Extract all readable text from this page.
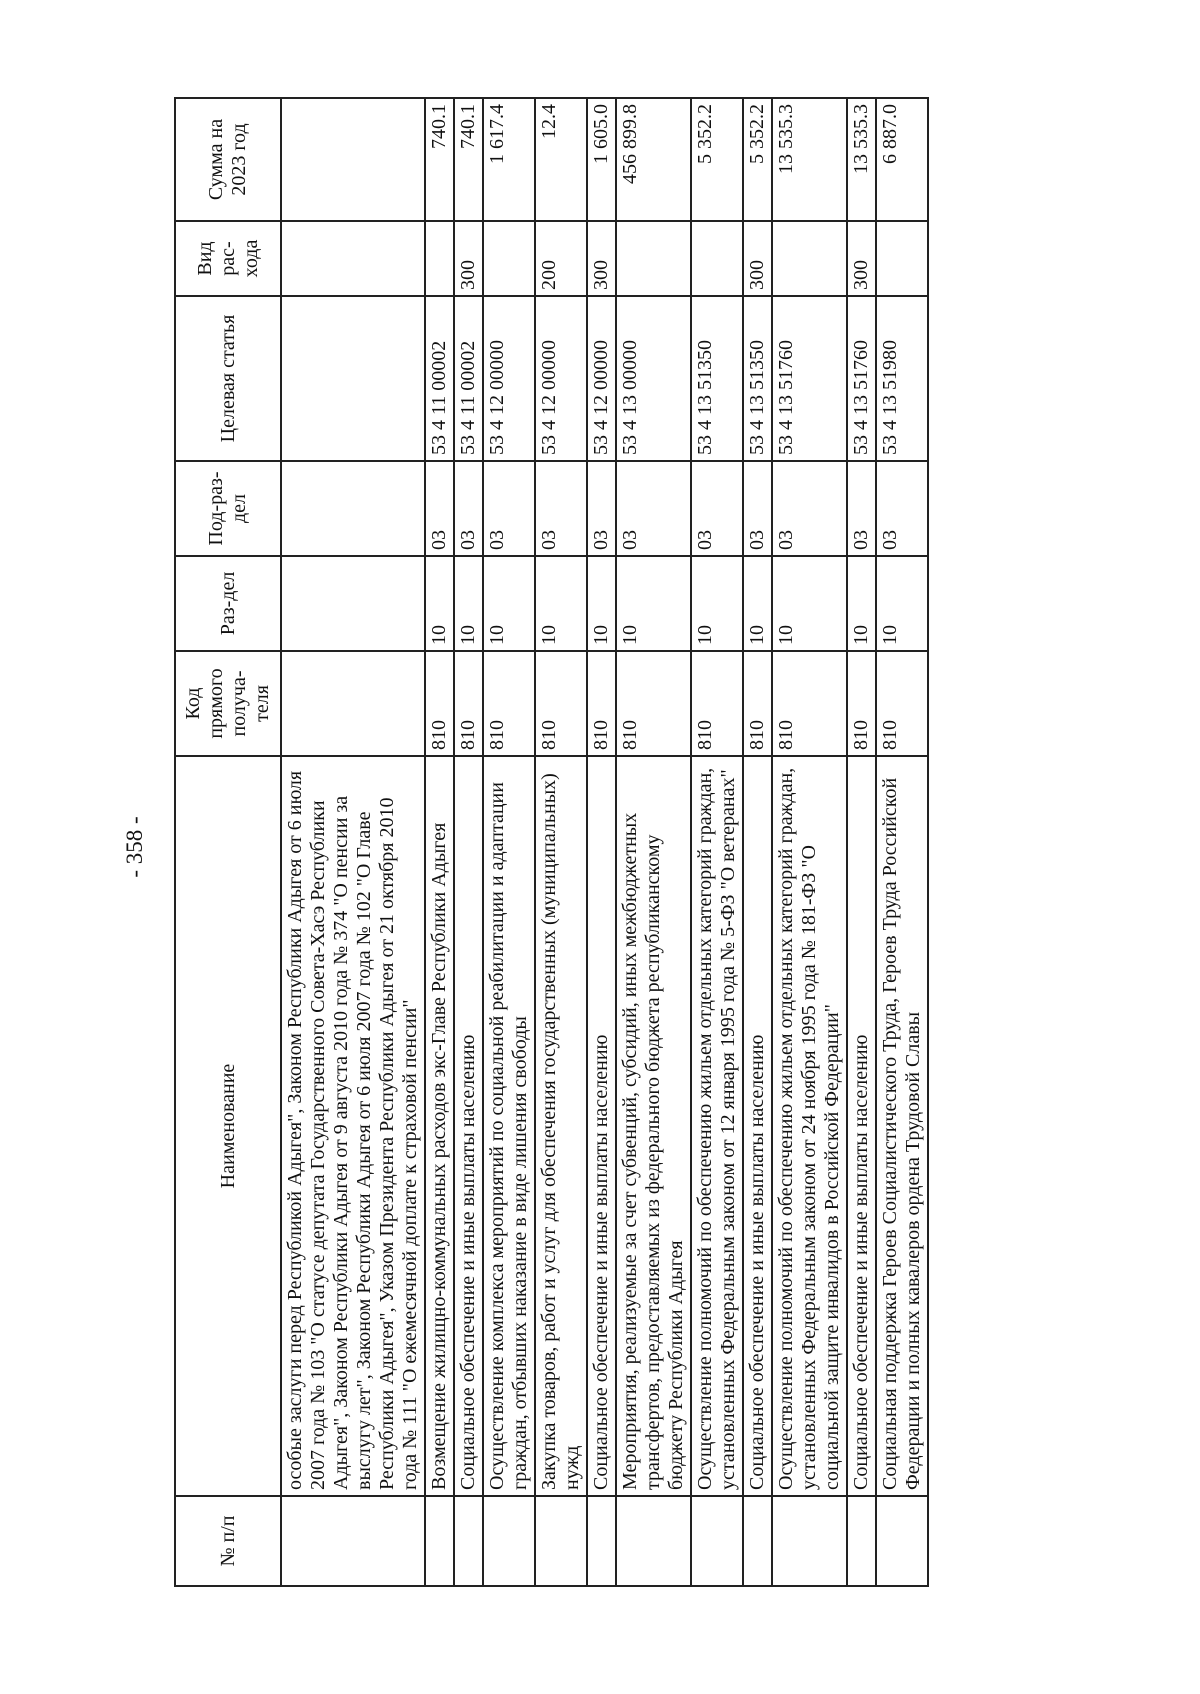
- 358 -
№ п/п	Наименование	Код прямого получа-теля	Раз-дел	Под-раз-дел	Целевая статья	Вид рас-хода	Сумма на 2023 год
	особые заслуги перед Республикой Адыгея", Законом Республики Адыгея от 6 июля 2007 года № 103 "О статусе депутата Государственного Совета-Хасэ Республики Адыгея", Законом Республики Адыгея от 9 августа 2010 года № 374 "О пенсии за выслугу лет", Законом Республики Адыгея от 6 июля 2007 года № 102 "О Главе Республики Адыгея", Указом Президента Республики Адыгея от 21 октября 2010 года № 111 "О ежемесячной доплате к страховой пенсии"						
	Возмещение жилищно-коммунальных расходов экс-Главе Республики Адыгея	810	10	03	53 4 11 00002		740.1
	Социальное обеспечение и иные выплаты населению	810	10	03	53 4 11 00002	300	740.1
	Осуществление комплекса мероприятий по социальной реабилитации и адаптации граждан, отбывших наказание в виде лишения свободы	810	10	03	53 4 12 00000		1 617.4
	Закупка товаров, работ и услуг для обеспечения государственных (муниципальных) нужд	810	10	03	53 4 12 00000	200	12.4
	Социальное обеспечение и иные выплаты населению	810	10	03	53 4 12 00000	300	1 605.0
	Мероприятия, реализуемые за счет субвенций, субсидий, иных межбюджетных трансфертов, предоставляемых из федерального бюджета республиканскому бюджету Республики Адыгея	810	10	03	53 4 13 00000		456 899.8
	Осуществление полномочий по обеспечению жильем отдельных категорий граждан, установленных Федеральным законом от 12 января 1995 года № 5-ФЗ "О ветеранах"	810	10	03	53 4 13 51350		5 352.2
	Социальное обеспечение и иные выплаты населению	810	10	03	53 4 13 51350	300	5 352.2
	Осуществление полномочий по обеспечению жильем отдельных категорий граждан, установленных Федеральным законом от 24 ноября 1995 года № 181-ФЗ "О социальной защите инвалидов в Российской Федерации"	810	10	03	53 4 13 51760		13 535.3
	Социальное обеспечение и иные выплаты населению	810	10	03	53 4 13 51760	300	13 535.3
	Социальная поддержка Героев Социалистического Труда, Героев Труда Российской Федерации и полных кавалеров ордена Трудовой Славы	810	10	03	53 4 13 51980		6 887.0
